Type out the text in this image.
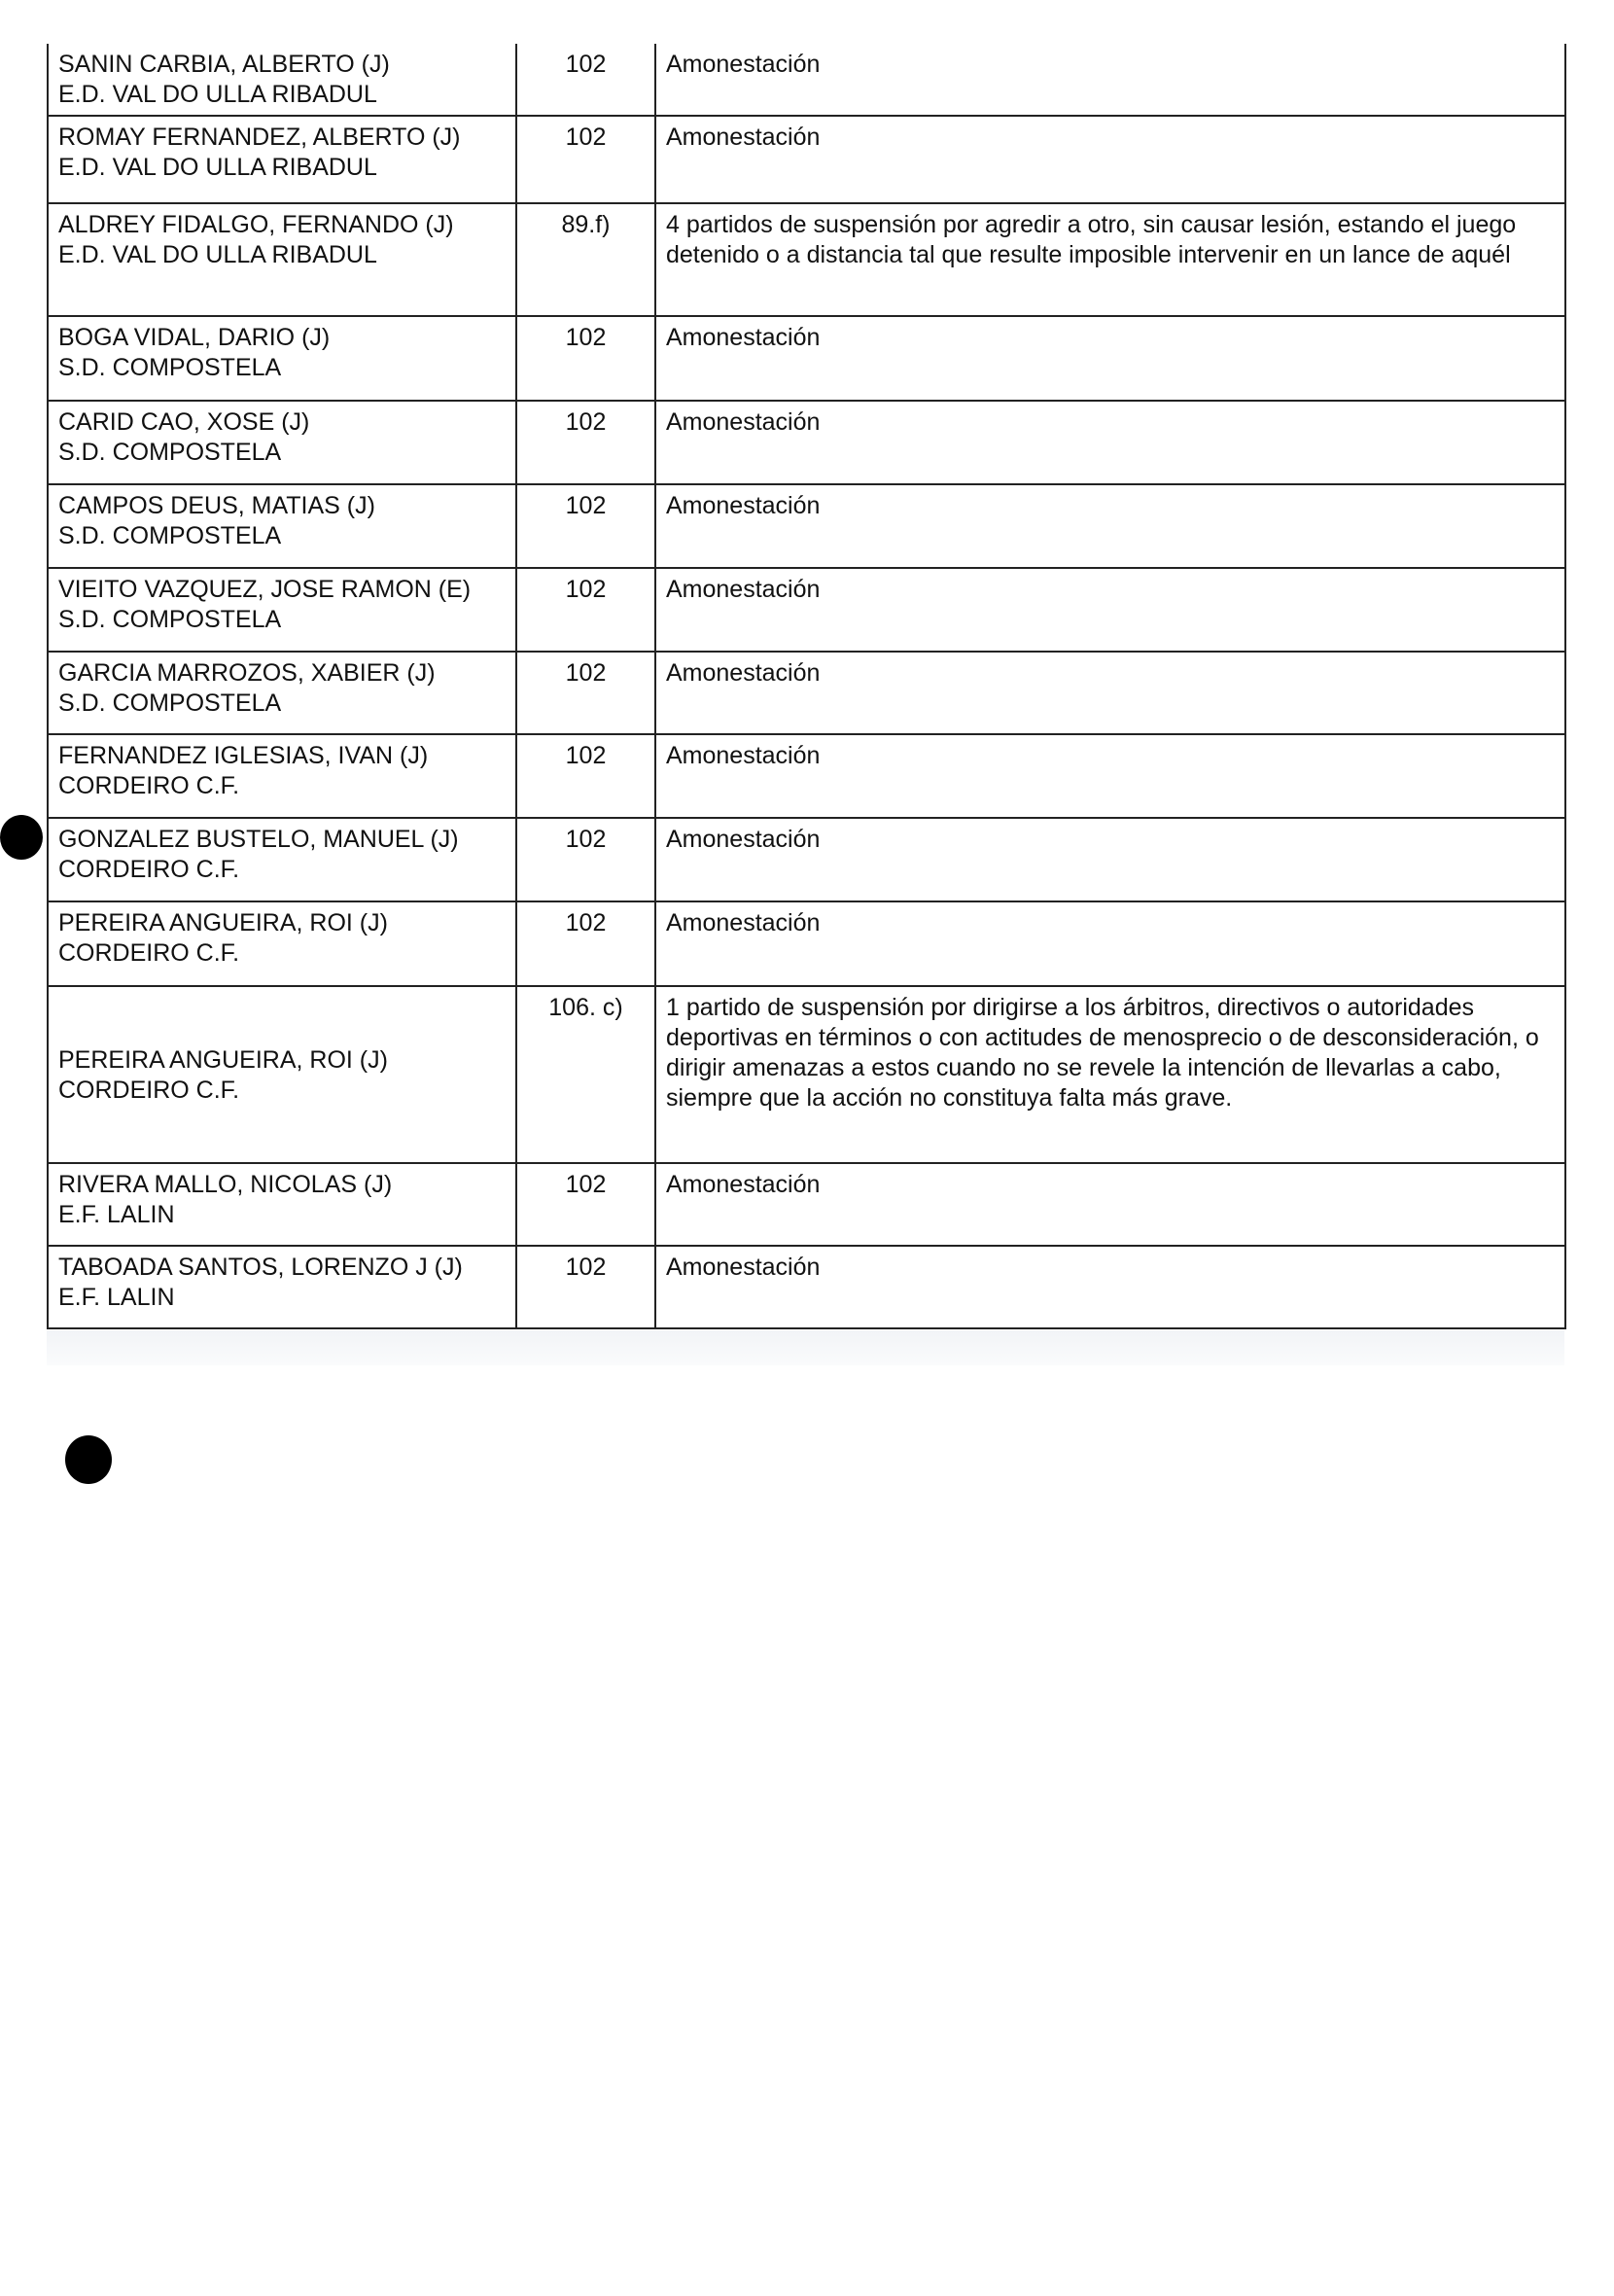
SANIN CARBIA, ALBERTO (J)
E.D. VAL DO ULLA RIBADUL	102	Amonestación

ROMAY FERNANDEZ, ALBERTO (J)
E.D. VAL DO ULLA RIBADUL	102	Amonestación

ALDREY FIDALGO, FERNANDO (J)
E.D. VAL DO ULLA RIBADUL	89.f)	4 partidos de suspensión por agredir a otro, sin causar lesión, estando el juego detenido o a distancia tal que resulte imposible intervenir en un lance de aquél

BOGA VIDAL, DARIO (J)
S.D. COMPOSTELA	102	Amonestación

CARID CAO, XOSE (J)
S.D. COMPOSTELA	102	Amonestación

CAMPOS DEUS, MATIAS (J)
S.D. COMPOSTELA	102	Amonestación

VIEITO VAZQUEZ, JOSE RAMON (E)
S.D. COMPOSTELA	102	Amonestación

GARCIA MARROZOS, XABIER (J)
S.D. COMPOSTELA	102	Amonestación

FERNANDEZ IGLESIAS, IVAN (J)
CORDEIRO C.F.	102	Amonestación

GONZALEZ BUSTELO, MANUEL (J)
CORDEIRO C.F.	102	Amonestación

PEREIRA ANGUEIRA, ROI (J)
CORDEIRO C.F.	102	Amonestación

PEREIRA ANGUEIRA, ROI (J)
CORDEIRO C.F.	106. c)	1 partido de suspensión por dirigirse a los árbitros, directivos o autoridades deportivas en términos o con actitudes de menosprecio o de desconsideración, o dirigir amenazas a estos cuando no se revele la intención de llevarlas a cabo, siempre que la acción no constituya falta más grave.

RIVERA MALLO, NICOLAS (J)
E.F. LALIN	102	Amonestación

TABOADA SANTOS, LORENZO J (J)
E.F. LALIN	102	Amonestación
